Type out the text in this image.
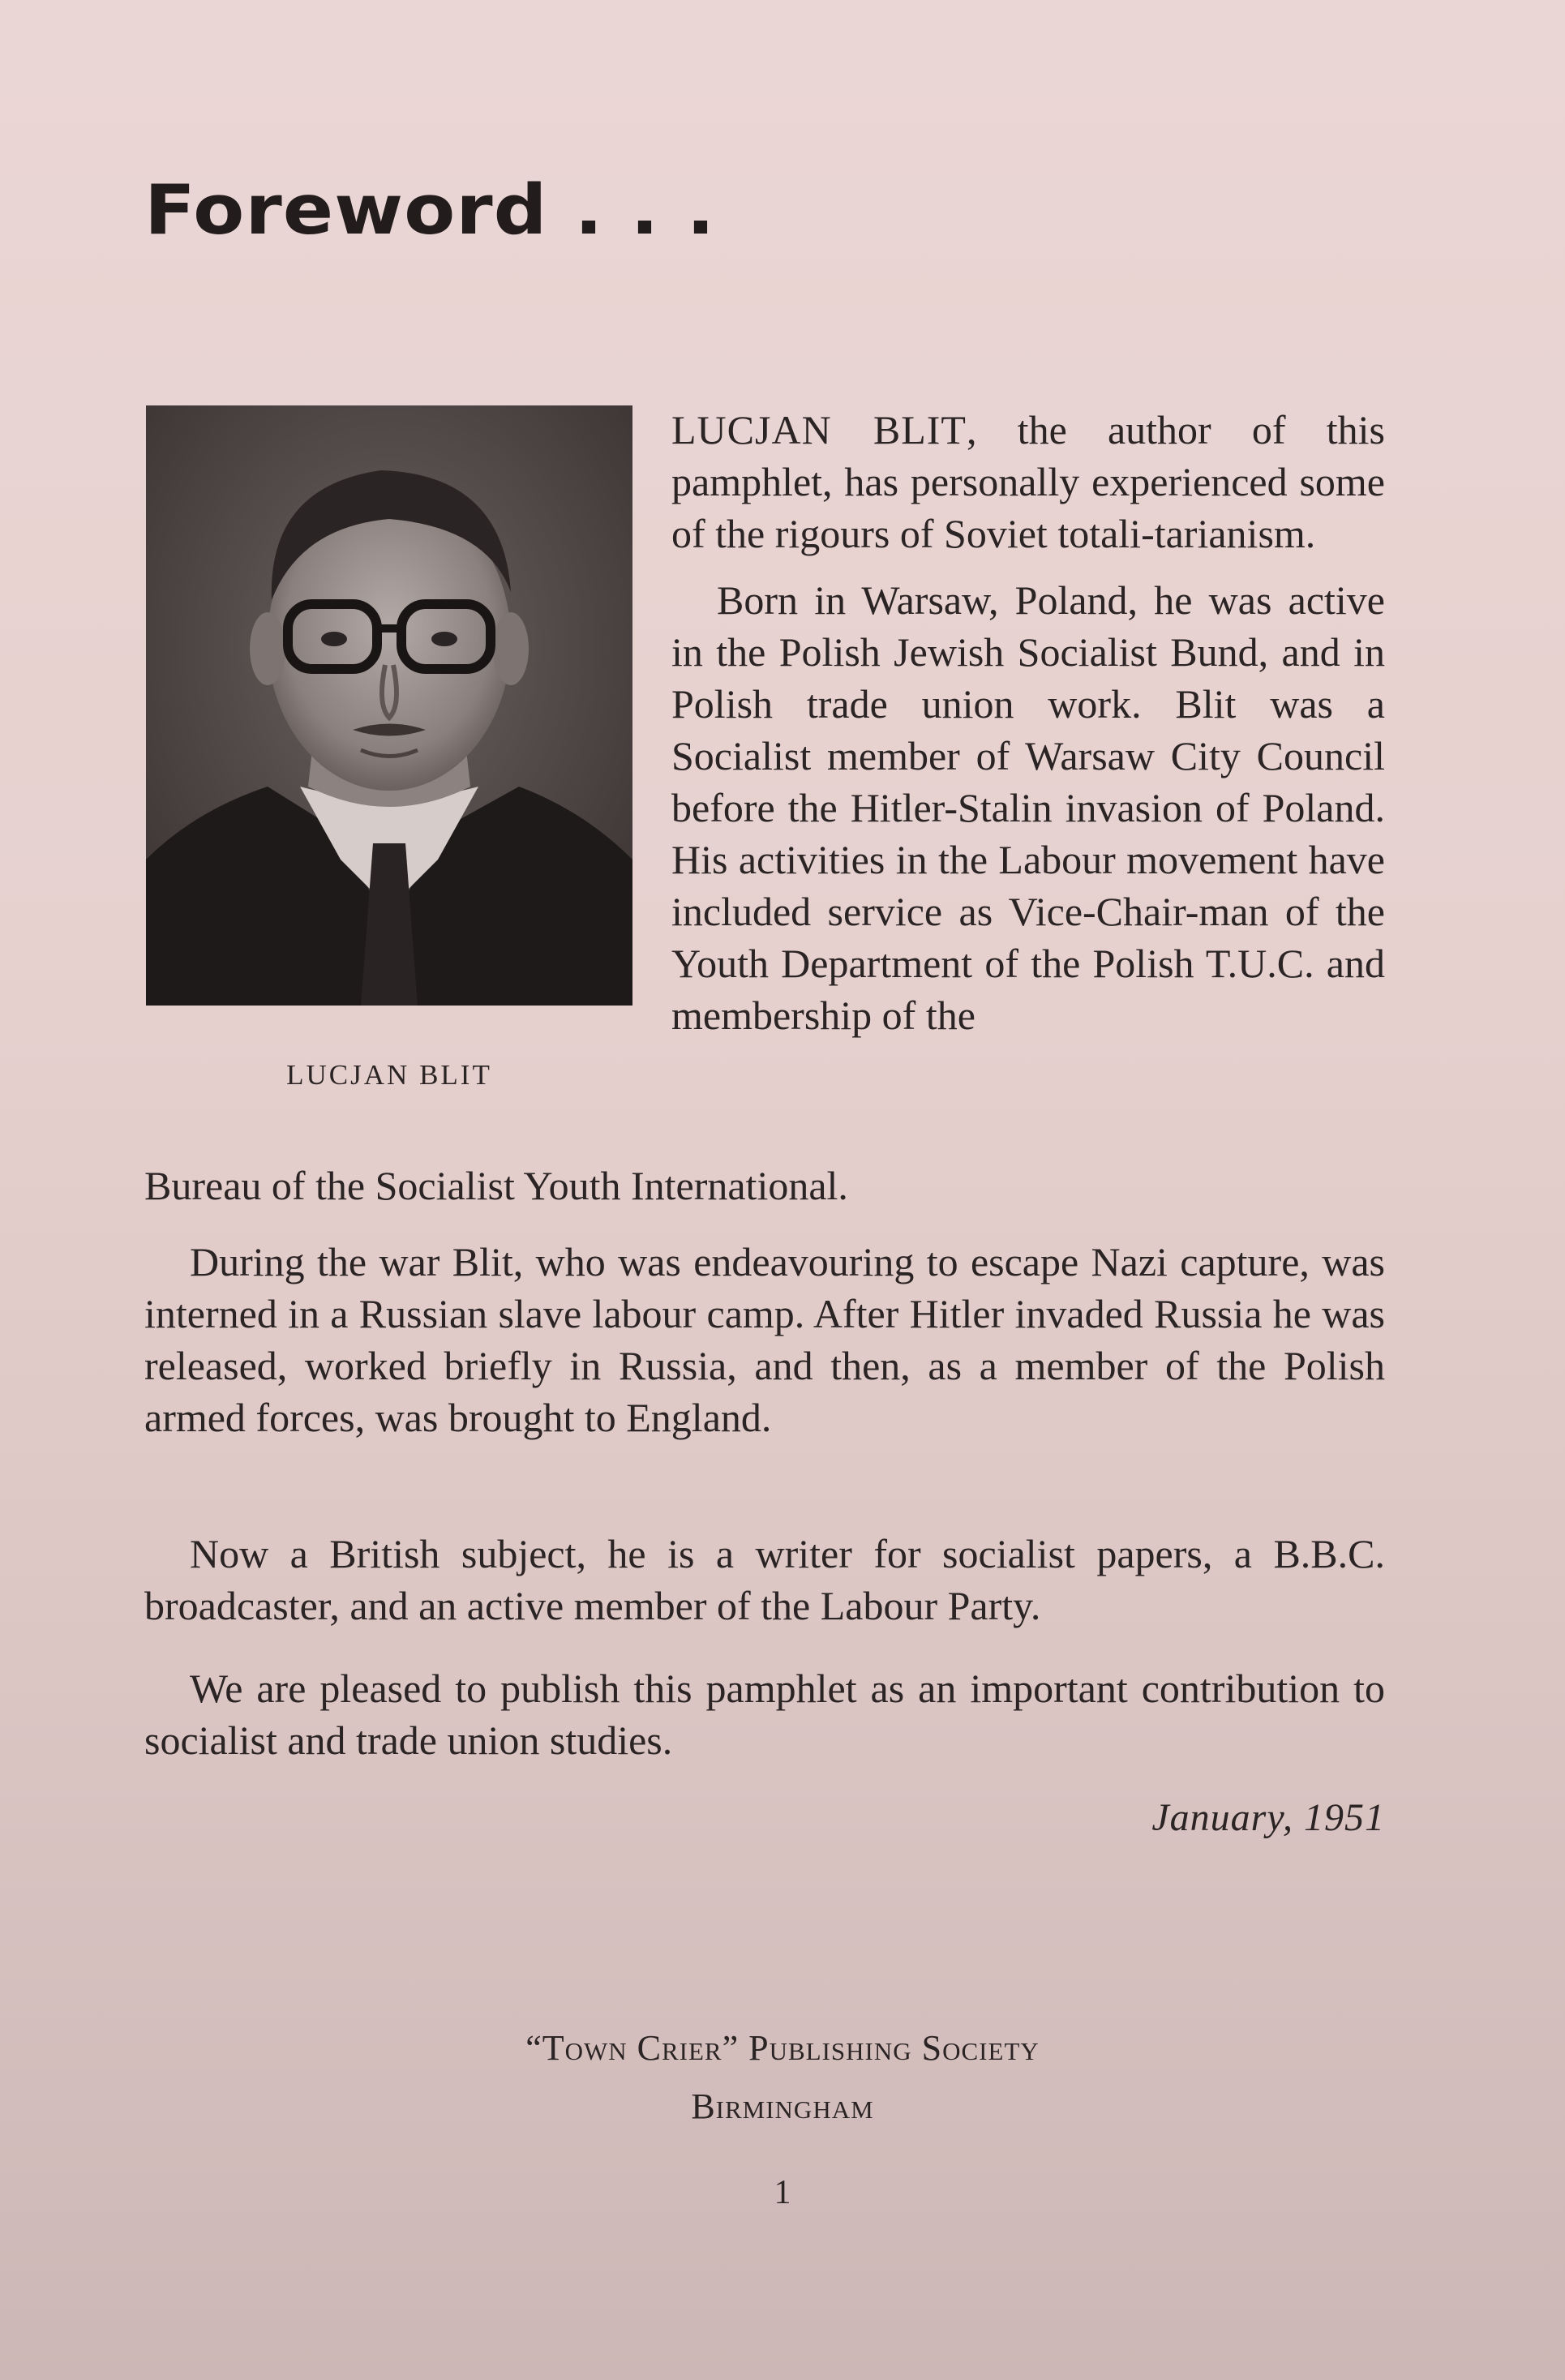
Foreword . . .
LUCJAN BLIT

LUCJAN BLIT, the author of this pamphlet, has personally experienced some of the rigours of Soviet totali-tarianism.

Born in Warsaw, Poland, he was active in the Polish Jewish Socialist Bund, and in Polish trade union work. Blit was a Socialist member of Warsaw City Council before the Hitler-Stalin invasion of Poland. His activities in the Labour movement have included service as Vice-Chair-man of the Youth Department of the Polish T.U.C. and membership of the

Bureau of the Socialist Youth International.

During the war Blit, who was endeavouring to escape Nazi capture, was interned in a Russian slave labour camp. After Hitler invaded Russia he was released, worked briefly in Russia, and then, as a member of the Polish armed forces, was brought to England.

Now a British subject, he is a writer for socialist papers, a B.B.C. broadcaster, and an active member of the Labour Party.

We are pleased to publish this pamphlet as an important contribution to socialist and trade union studies.

January, 1951
“Town Crier” Publishing Society
Birmingham
1
